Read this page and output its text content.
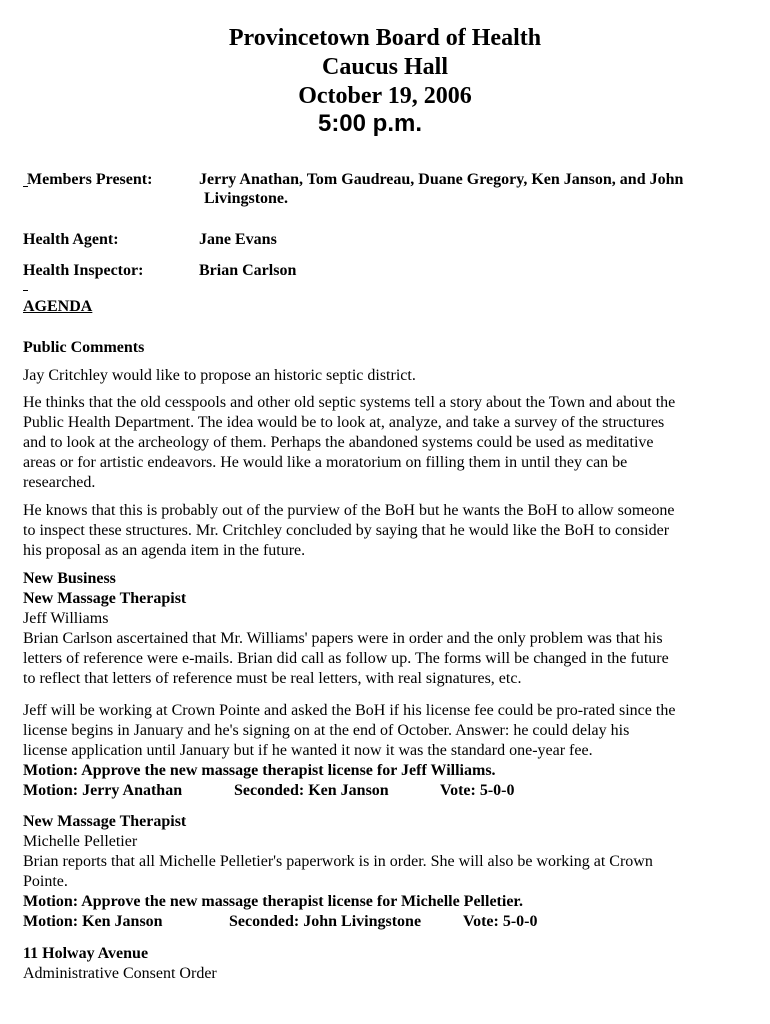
Provincetown Board of Health
Caucus Hall
October 19, 2006
5:00 p.m.
Members Present:	Jerry Anathan, Tom Gaudreau, Duane Gregory, Ken Janson, and John
Livingstone.
Health Agent:	Jane Evans
Health Inspector:	Brian Carlson
AGENDA
Public Comments
Jay Critchley would like to propose an historic septic district.
He thinks that the old cesspools and other old septic systems tell a story about the Town and about the
Public Health Department. The idea would be to look at, analyze, and take a survey of the structures
and to look at the archeology of them. Perhaps the abandoned systems could be used as meditative
areas or for artistic endeavors. He would like a moratorium on filling them in until they can be
researched.
He knows that this is probably out of the purview of the BoH but he wants the BoH to allow someone
to inspect these structures. Mr. Critchley concluded by saying that he would like the BoH to consider
his proposal as an agenda item in the future.
New Business
New Massage Therapist
Jeff Williams
Brian Carlson ascertained that Mr. Williams' papers were in order and the only problem was that his
letters of reference were e-mails. Brian did call as follow up. The forms will be changed in the future
to reflect that letters of reference must be real letters, with real signatures, etc.
Jeff will be working at Crown Pointe and asked the BoH if his license fee could be pro-rated since the
license begins in January and he's signing on at the end of October. Answer: he could delay his
license application until January but if he wanted it now it was the standard one-year fee.
Motion: Approve the new massage therapist license for Jeff Williams.
Motion: Jerry Anathan	Seconded: Ken Janson	Vote: 5-0-0
New Massage Therapist
Michelle Pelletier
Brian reports that all Michelle Pelletier's paperwork is in order. She will also be working at Crown
Pointe.
Motion: Approve the new massage therapist license for Michelle Pelletier.
Motion: Ken Janson	Seconded: John Livingstone	Vote: 5-0-0
11 Holway Avenue
Administrative Consent Order
